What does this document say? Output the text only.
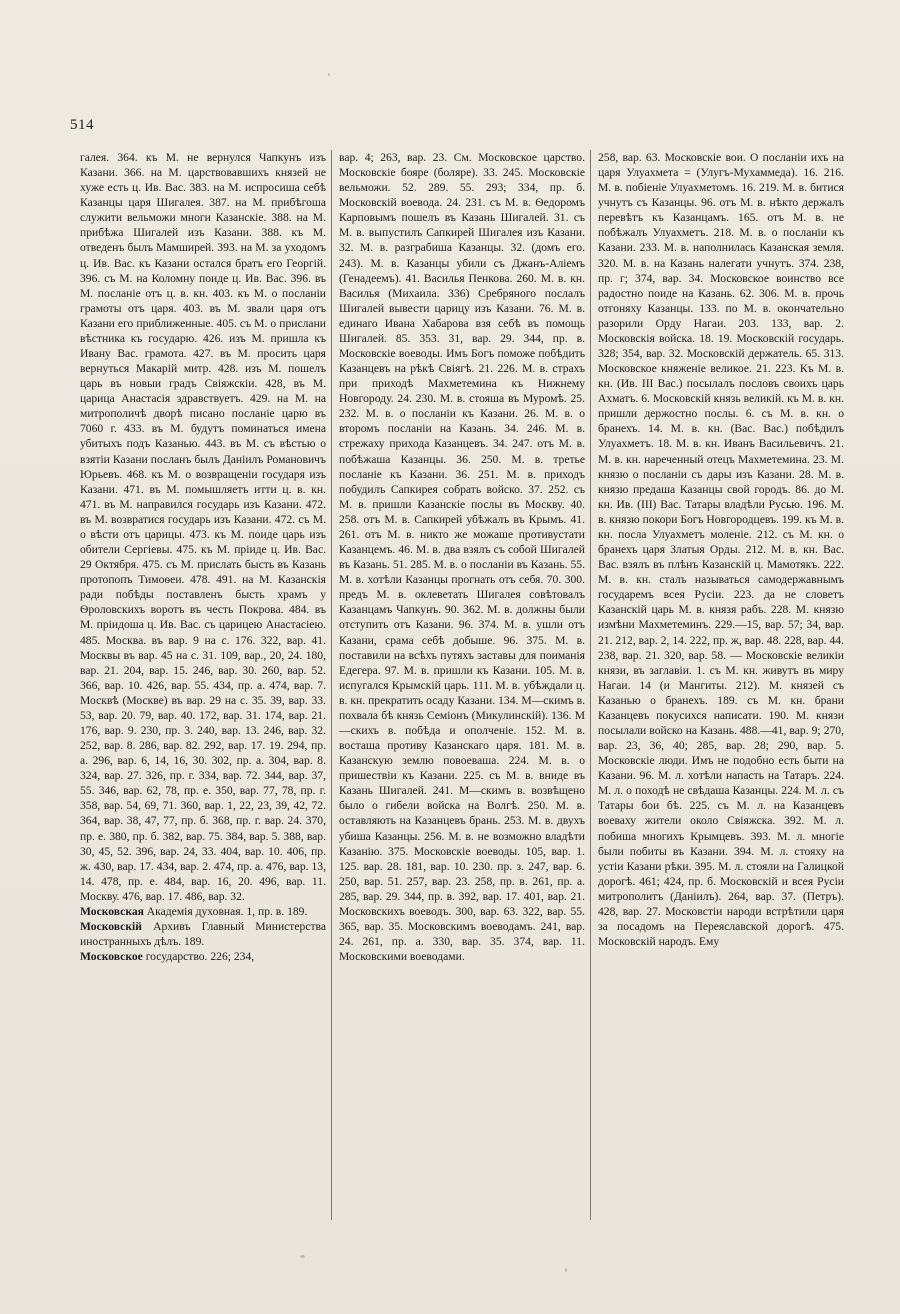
514
галея. 364. къ М. не вернулся Чапкунъ изъ Казани. 366. на М. царствовавшихъ князей не хуже есть ц. Ив. Вас. 383. на М. испросиша себѣ Казанцы царя Шигалея. 387. на М. прибѣгоша служити вельможи многи Казанскіе. 388. на М. прибѣжа Шигалей изъ Казани. 388. къ М. отведенъ былъ Мамширей. 393. на М. за уходомъ ц. Ив. Вас. къ Казани остался братъ его Георгій. 396. съ М. на Коломну поиде ц. Ив. Вас. 396. въ М. посланіе отъ ц. в. кн. 403. къ М. о посланіи грамоты отъ царя. 403. въ М. звали царя отъ Казани его приближенные. 405. съ М. о прислани вѣстника къ государю. 426. изъ М. пришла къ Ивану Вас. грамота. 427. въ М. просить царя вернуться Макарій митр. 428. изъ М. пошелъ царь въ новыи градъ Свіяжскіи. 428, въ М. царица Анастасія здравствуетъ. 429. на М. на митрополичѣ дворѣ писано посланіе царю въ 7060 г. 433. въ М. будутъ поминаться имена убитыхъ подъ Казанью. 443. въ М. съ вѣстью о взятіи Казани посланъ былъ Даніилъ Романовичъ Юрьевъ. 468. къ М. о возвращеніи государя изъ Казани. 471. въ М. помышляетъ итти ц. в. кн. 471. въ М. направился государь изъ Казани. 472. въ М. возвратися государь изъ Казани. 472. съ М. о вѣсти отъ царицы. 473. къ М. поиде царь изъ обители Сергіевы. 475. къ М. пріиде ц. Ив. Вас. 29 Октября. 475. съ М. прислать бысть въ Казань протопопъ Тимоѳеи. 478. 491. на М. Казанскія ради побѣды поставленъ бысть храмъ у Ѳроловскихъ воротъ въ честь Покрова. 484. въ М. пріидоша ц. Ив. Вас. съ царицею Анастасіею. 485. Москва. въ вар. 9 на с. 176. 322, вар. 41. Москвы въ вар. 45 на с. 31. 109, вар., 20, 24. 180, вар. 21. 204, вар. 15. 246, вар. 30. 260, вар. 52. 366, вар. 10. 426, вар. 55. 434, пр. а. 474, вар. 7. Москвѣ (Москве) въ вар. 29 на с. 35. 39, вар. 33. 53, вар. 20. 79, вар. 40. 172, вар. 31. 174, вар. 21. 176, вар. 9. 230, пр. 3. 240, вар. 13. 246, вар. 32. 252, вар. 8. 286, вар. 82. 292, вар. 17. 19. 294, пр. а. 296, вар. 6, 14, 16, 30. 302, пр. а. 304, вар. 8. 324, вар. 27. 326, пр. г. 334, вар. 72. 344, вар. 37, 55. 346, вар. 62, 78, пр. е. 350, вар. 77, 78, пр. г. 358, вар. 54, 69, 71. 360, вар. 1, 22, 23, 39, 42, 72. 364, вар. 38, 47, 77, пр. б. 368, пр. г. вар. 24. 370, пр. е. 380, пр. б. 382, вар. 75. 384, вар. 5. 388, вар. 30, 45, 52. 396, вар. 24, 33. 404, вар. 10. 406, пр. ж. 430, вар. 17. 434, вар. 2. 474, пр. а. 476, вар. 13, 14. 478, пр. е. 484, вар. 16, 20. 496, вар. 11. Москву. 476, вар. 17. 486, вар. 32.
Московская Академія духовная. 1, пр. в. 189.
Московскій Архивъ Главный Министерства иностранныхъ дѣлъ. 189.
Московское государство. 226; 234,
вар. 4; 263, вар. 23. См. Московское царство. Московскіе бояре (боляре). 33. 245. Московскіе вельможи. 52. 289. 55. 293; 334, пр. б. Московскій воевода. 24. 231. съ М. в. Ѳедоромъ Карповымъ пошелъ въ Казань Шигалей. 31. съ М. в. выпустилъ Сапкирей Шигалея изъ Казани. 32. М. в. разграбиша Казанцы. 32. (домъ его. 243). М. в. Казанцы убили съ Джанъ-Аліемъ (Генадеемъ). 41. Василья Пенкова. 260. М. в. кн. Василья (Михаила. 336) Сребряного послалъ Шигалей вывести царицу изъ Казани. 76. М. в. единаго Ивана Хабарова взя себѣ въ помощь Шигалей. 85. 353. 31, вар. 29. 344, пр. в. Московскіе воеводы. Имъ Богъ поможе побѣдить Казанцевъ на рѣкѣ Свіягѣ. 21. 226. М. в. страхъ при приходѣ Махметемина къ Нижнему Новгороду. 24. 230. М. в. стояша въ Муромѣ. 25. 232. М. в. о посланіи къ Казани. 26. М. в. о второмъ посланіи на Казань. 34. 246. М. в. стрежаху прихода Казанцевъ. 34. 247. отъ М. в. побѣжаша Казанцы. 36. 250. М. в. третье посланіе къ Казани. 36. 251. М. в. приходъ побудилъ Сапкирея собрать войско. 37. 252. съ М. в. пришли Казанскіе послы въ Москву. 40. 258. отъ М. в. Сапкирей убѣжалъ въ Крымъ. 41. 261. отъ М. в. никто же можаше противустати Казанцемъ. 46. М. в. два взялъ съ собой Шигалей въ Казань. 51. 285. М. в. о посланіи въ Казань. 55. М. в. хотѣли Казанцы прогнать отъ себя. 70. 300. предъ М. в. оклеветать Шигалея совѣтовалъ Казанцамъ Чапкунъ. 90. 362. М. в. должны были отступить отъ Казани. 96. 374. М. в. ушли отъ Казани, срама себѣ добыше. 96. 375. М. в. поставили на всѣхъ путяхъ заставы для поиманія Едегера. 97. М. в. пришли къ Казани. 105. М. в. испугался Крымскій царь. 111. М. в. убѣждали ц. в. кн. прекратить осаду Казани. 134. М—скимъ в. похвала бѣ князь Семіонъ (Микулинскій). 136. М—скихъ в. побѣда и ополченіе. 152. М. в. восташа противу Казанскаго царя. 181. М. в. Казанскую землю повоеваша. 224. М. в. о пришествіи къ Казани. 225. съ М. в. вниде въ Казань Шигалей. 241. М—скимъ в. возвѣщено было о гибели войска на Волгѣ. 250. М. в. оставляють на Казанцевъ брань. 253. М. в. двухъ убиша Казанцы. 256. М. в. не возможно владѣти Казанію. 375. Московскіе воеводы. 105, вар. 1. 125. вар. 28. 181, вар. 10. 230. пр. з. 247, вар. 6. 250, вар. 51. 257, вар. 23. 258, пр. в. 261, пр. а. 285, вар. 29. 344, пр. в. 392, вар. 17. 401, вар. 21. Московскихъ воеводъ. 300, вар. 63. 322, вар. 55. 365, вар. 35. Московскимъ воеводамъ. 241, вар. 24. 261, пр. а. 330, вар. 35. 374, вар. 11. Московскими воеводами.
258, вар. 63. Московскіе вои. О посланіи ихъ на царя Улуахмета = (Улугъ-Мухаммеда). 16. 216. М. в. побіеніе Улуахметомъ. 16. 219. М. в. битися учнутъ съ Казанцы. 96. отъ М. в. нѣкто держалъ перевѣтъ къ Казанцамъ. 165. отъ М. в. не побѣжалъ Улуахметъ. 218. М. в. о посланіи къ Казани. 233. М. в. наполнилась Казанская земля. 320. М. в. на Казань налегати учнутъ. 374. 238, пр. г; 374, вар. 34. Московское воинство все радостно поиде на Казань. 62. 306. М. в. прочь отгоняху Казанцы. 133. по М. в. окончательно разорили Орду Нагаи. 203. 133, вар. 2. Московскія войска. 18. 19. Московскій государь. 328; 354, вар. 32. Московскій держатель. 65. 313. Московское княженіе великое. 21. 223. Къ М. в. кн. (Ив. III Вас.) посылалъ пословъ своихъ царь Ахматъ. 6. Московскій князь великій. къ М. в. кн. пришли держостно послы. 6. съ М. в. кн. о бранехъ. 14. М. в. кн. (Вас. Вас.) побѣдилъ Улуахметъ. 18. М. в. кн. Иванъ Васильевичъ. 21. М. в. кн. нареченный отецъ Махметемина. 23. М. князю о посланіи съ дары изъ Казани. 28. М. в. князю предаша Казанцы свой городъ. 86. до М. кн. Ив. (III) Вас. Татары владѣли Русью. 196. М. в. князю покори Богъ Новгородцевъ. 199. къ М. в. кн. посла Улуахметъ моленіе. 212. съ М. кн. о бранехъ царя Златыя Орды. 212. М. в. кн. Вас. Вас. взялъ въ плѣнъ Казанскій ц. Мамотякъ. 222. М. в. кн. сталъ называться самодержавнымъ государемъ всея Русіи. 223. да не словетъ Казанскій царь М. в. князя рабъ. 228. М. князю измѣни Махметеминъ. 229.—15, вар. 57; 34, вар. 21. 212, вар. 2, 14. 222, пр. ж, вар. 48. 228, вар. 44. 238, вар. 21. 320, вар. 58. — Московскіе великіи князи, въ заглавіи. 1. съ М. кн. живутъ въ миру Нагаи. 14 (и Мангиты. 212). М. князей съ Казанью о бранехъ. 189. съ М. кн. брани Казанцевъ покусихся написати. 190. М. князи посылали войско на Казань. 488.—41, вар. 9; 270, вар. 23, 36, 40; 285, вар. 28; 290, вар. 5. Московскіе люди. Имъ не подобно есть быти на Казани. 96. М. л. хотѣли напасть на Татаръ. 224. М. л. о походѣ не свѣдаша Казанцы. 224. М. л. съ Татары бои бѣ. 225. съ М. л. на Казанцевъ воеваху жители около Свіяжска. 392. М. л. побиша многихъ Крымцевъ. 393. М. л. многіе были побиты въ Казани. 394. М. л. стояху на устіи Казани рѣки. 395. М. л. стояли на Галицкой дорогѣ. 461; 424, пр. б. Московскій и всея Русіи митрополитъ (Даніилъ). 264, вар. 37. (Петръ). 428, вар. 27. Московстіи народи встрѣтили царя за посадомъ на Переяславской дорогѣ. 475. Московскій народъ. Ему
